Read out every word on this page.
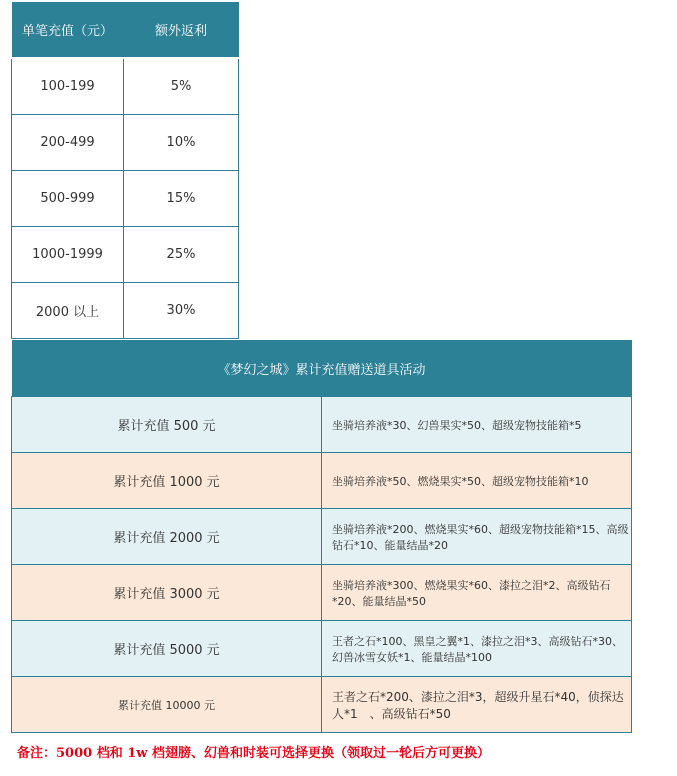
单笔充值（元）	额外返利
100-199	5%
200-499	10%
500-999	15%
1000-1999	25%
2000 以上	30%
《梦幻之城》累计充值赠送道具活动	
累计充值 500 元	坐骑培养液*30、幻兽果实*50、超级宠物技能箱*5
累计充值 1000 元	坐骑培养液*50、燃烧果实*50、超级宠物技能箱*10
累计充值 2000 元	坐骑培养液*200、燃烧果实*60、超级宠物技能箱*15、高级钻石*10、能量结晶*20
累计充值 3000 元	坐骑培养液*300、燃烧果实*60、漆拉之泪*2、高级钻石*20、能量结晶*50
累计充值 5000 元	王者之石*100、黑皇之翼*1、漆拉之泪*3、高级钻石*30、幻兽冰雪女妖*1、能量结晶*100
累计充值 10000 元	王者之石*200、漆拉之泪*3，超级升星石*40，侦探达人*1　、高级钻石*50
备注：5000 档和 1w 档翅膀、幻兽和时装可选择更换（领取过一轮后方可更换）
